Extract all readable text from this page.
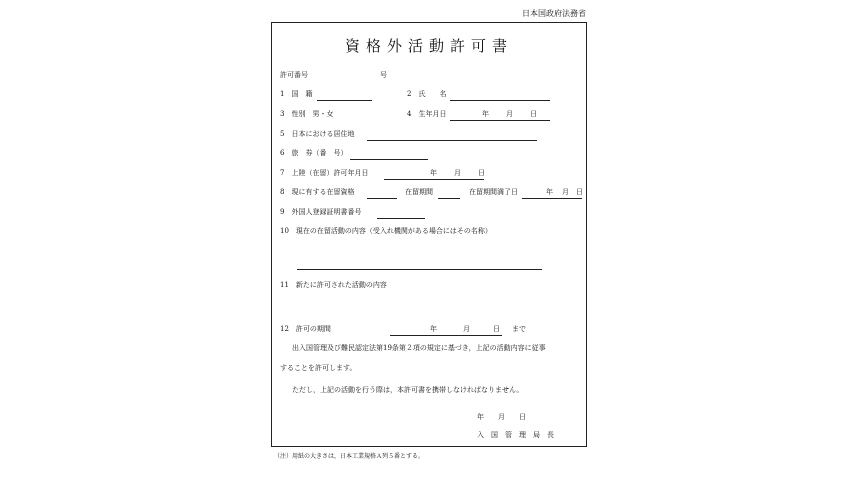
日本国政府法務省
資格外活動許可書
許可番号	号
1　国　籍	2　氏　　名
3　性別　男・女	4　生年月日	年 月 日
5　日本における居住地
6　旅　券（番　号）
7　上陸（在留）許可年月日	年 月 日
8　現に有する在留資格	在留期間	在留期間満了日	年 月 日
9　外国人登録証明書番号
10　現在の在留活動の内容（受入れ機関がある場合にはその名称）
11　新たに許可された活動の内容
12　許可の期間	年	月	日 まで
出入国管理及び難民認定法第19条第２項の規定に基づき，上記の活動内容に従事
することを許可します。
ただし，上記の活動を行う際は，本許可書を携帯しなければなりません。
年　　月　　日
入　国　管　理　局　長
（注）用紙の大きさは，日本工業規格Ａ列５番とする。
